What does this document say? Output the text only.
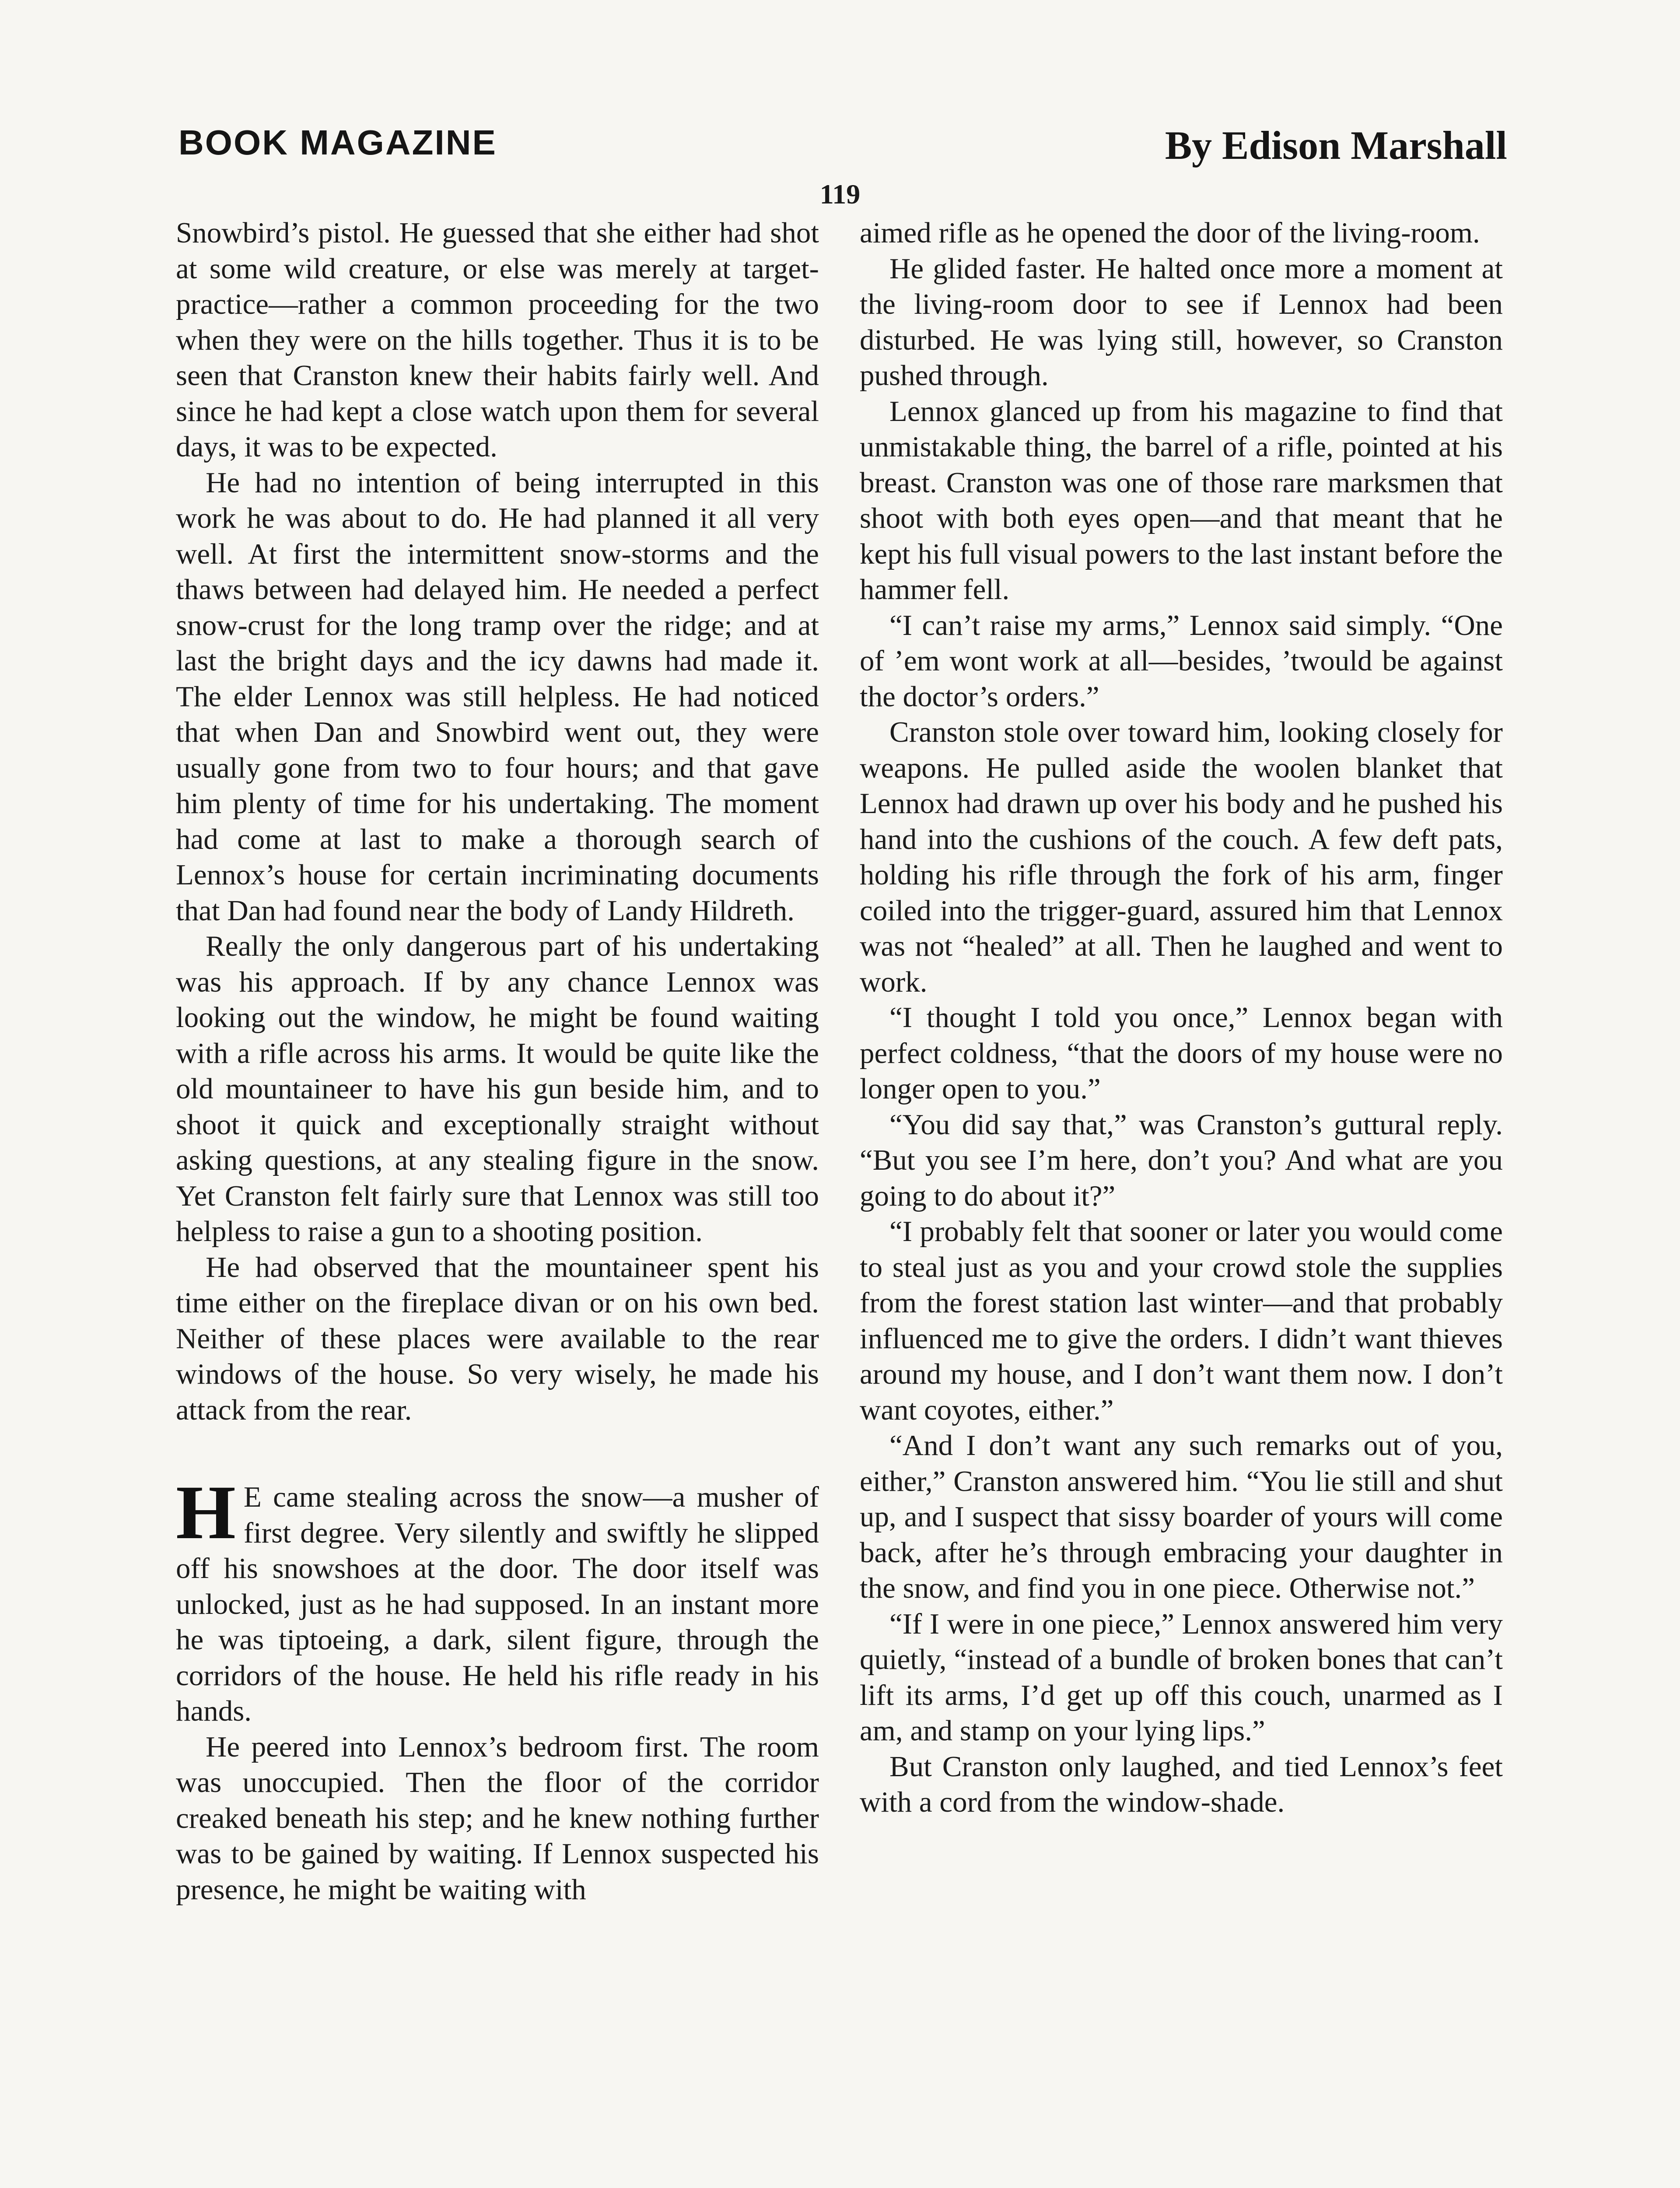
BOOK MAGAZINE	By Edison Marshall
119

Snowbird’s pistol. He guessed that she either had shot at some wild creature, or else was merely at target-practice—rather a common proceeding for the two when they were on the hills together. Thus it is to be seen that Cranston knew their habits fairly well. And since he had kept a close watch upon them for several days, it was to be expected.

He had no intention of being interrupted in this work he was about to do. He had planned it all very well. At first the intermittent snow-storms and the thaws between had delayed him. He needed a perfect snow-crust for the long tramp over the ridge; and at last the bright days and the icy dawns had made it. The elder Lennox was still helpless. He had noticed that when Dan and Snowbird went out, they were usually gone from two to four hours; and that gave him plenty of time for his undertaking. The moment had come at last to make a thorough search of Lennox’s house for certain incriminating documents that Dan had found near the body of Landy Hildreth.

Really the only dangerous part of his undertaking was his approach. If by any chance Lennox was looking out the window, he might be found waiting with a rifle across his arms. It would be quite like the old mountaineer to have his gun beside him, and to shoot it quick and exceptionally straight without asking questions, at any stealing figure in the snow. Yet Cranston felt fairly sure that Lennox was still too helpless to raise a gun to a shooting position.

He had observed that the mountaineer spent his time either on the fireplace divan or on his own bed. Neither of these places were available to the rear windows of the house. So very wisely, he made his attack from the rear.

H E came stealing across the snow—a musher of first degree. Very silently and swiftly he slipped off his snowshoes at the door. The door itself was unlocked, just as he had supposed. In an instant more he was tiptoeing, a dark, silent figure, through the corridors of the house. He held his rifle ready in his hands.

He peered into Lennox’s bedroom first. The room was unoccupied. Then the floor of the corridor creaked beneath his step; and he knew nothing further was to be gained by waiting. If Lennox suspected his presence, he might be waiting with

aimed rifle as he opened the door of the living-room.

He glided faster. He halted once more a moment at the living-room door to see if Lennox had been disturbed. He was lying still, however, so Cranston pushed through.

Lennox glanced up from his magazine to find that unmistakable thing, the barrel of a rifle, pointed at his breast. Cranston was one of those rare marksmen that shoot with both eyes open—and that meant that he kept his full visual powers to the last instant before the hammer fell.

“I can’t raise my arms,” Lennox said simply. “One of ’em wont work at all—besides, ’twould be against the doctor’s orders.”

Cranston stole over toward him, looking closely for weapons. He pulled aside the woolen blanket that Lennox had drawn up over his body and he pushed his hand into the cushions of the couch. A few deft pats, holding his rifle through the fork of his arm, finger coiled into the trigger-guard, assured him that Lennox was not “healed” at all. Then he laughed and went to work.

“I thought I told you once,” Lennox began with perfect coldness, “that the doors of my house were no longer open to you.”

“You did say that,” was Cranston’s guttural reply. “But you see I’m here, don’t you? And what are you going to do about it?”

“I probably felt that sooner or later you would come to steal just as you and your crowd stole the supplies from the forest station last winter—and that probably influenced me to give the orders. I didn’t want thieves around my house, and I don’t want them now. I don’t want coyotes, either.”

“And I don’t want any such remarks out of you, either,” Cranston answered him. “You lie still and shut up, and I suspect that sissy boarder of yours will come back, after he’s through embracing your daughter in the snow, and find you in one piece. Otherwise not.”

“If I were in one piece,” Lennox answered him very quietly, “instead of a bundle of broken bones that can’t lift its arms, I’d get up off this couch, unarmed as I am, and stamp on your lying lips.”

But Cranston only laughed, and tied Lennox’s feet with a cord from the window-shade.
